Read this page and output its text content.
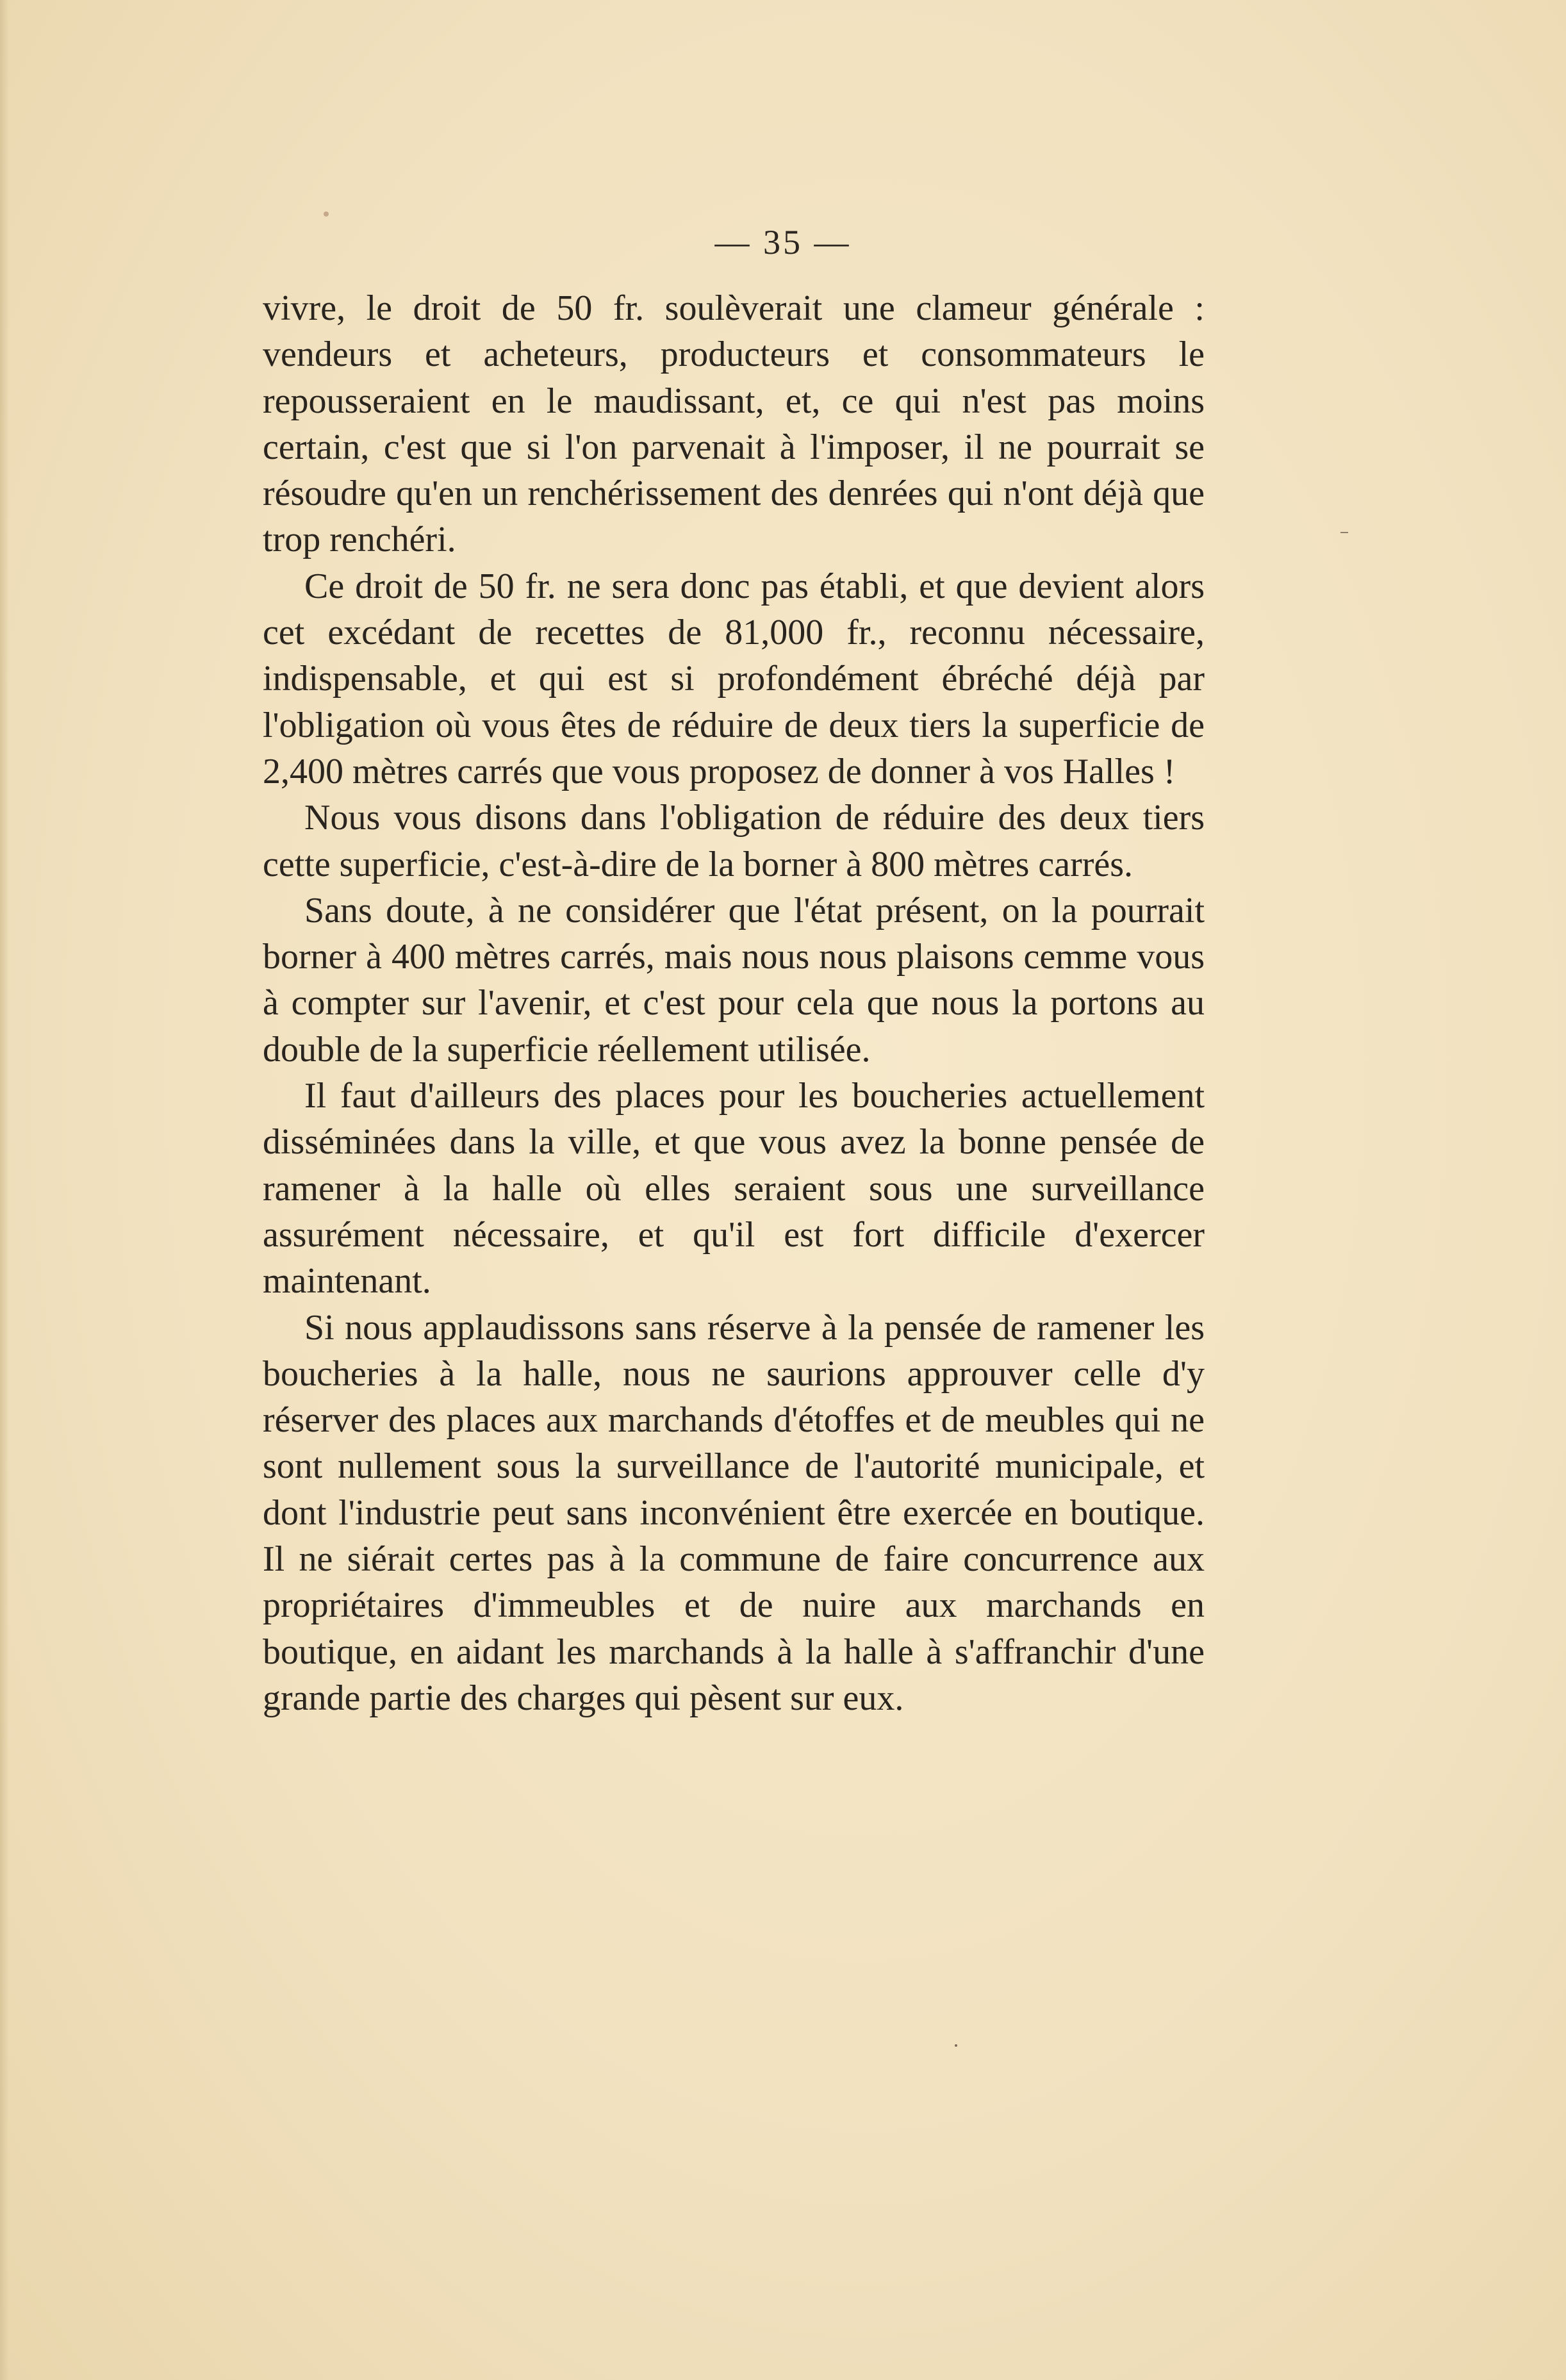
— 35 —

vivre, le droit de 50 fr. soulèverait une clameur générale : vendeurs et acheteurs, producteurs et consommateurs le repousseraient en le maudissant, et, ce qui n'est pas moins certain, c'est que si l'on parvenait à l'imposer, il ne pourrait se résoudre qu'en un renchérissement des denrées qui n'ont déjà que trop renchéri.

Ce droit de 50 fr. ne sera donc pas établi, et que devient alors cet excédant de recettes de 81,000 fr., reconnu nécessaire, indispensable, et qui est si profondément ébréché déjà par l'obligation où vous êtes de réduire de deux tiers la superficie de 2,400 mètres carrés que vous proposez de donner à vos Halles !

Nous vous disons dans l'obligation de réduire des deux tiers cette superficie, c'est-à-dire de la borner à 800 mètres carrés.

Sans doute, à ne considérer que l'état présent, on la pourrait borner à 400 mètres carrés, mais nous nous plaisons cemme vous à compter sur l'avenir, et c'est pour cela que nous la portons au double de la superficie réellement utilisée.

Il faut d'ailleurs des places pour les boucheries actuellement disséminées dans la ville, et que vous avez la bonne pensée de ramener à la halle où elles seraient sous une surveillance assurément nécessaire, et qu'il est fort difficile d'exercer maintenant.

Si nous applaudissons sans réserve à la pensée de ramener les boucheries à la halle, nous ne saurions approuver celle d'y réserver des places aux marchands d'étoffes et de meubles qui ne sont nullement sous la surveillance de l'autorité municipale, et dont l'industrie peut sans inconvénient être exercée en boutique. Il ne siérait certes pas à la commune de faire concurrence aux propriétaires d'immeubles et de nuire aux marchands en boutique, en aidant les marchands à la halle à s'affranchir d'une grande partie des charges qui pèsent sur eux.
